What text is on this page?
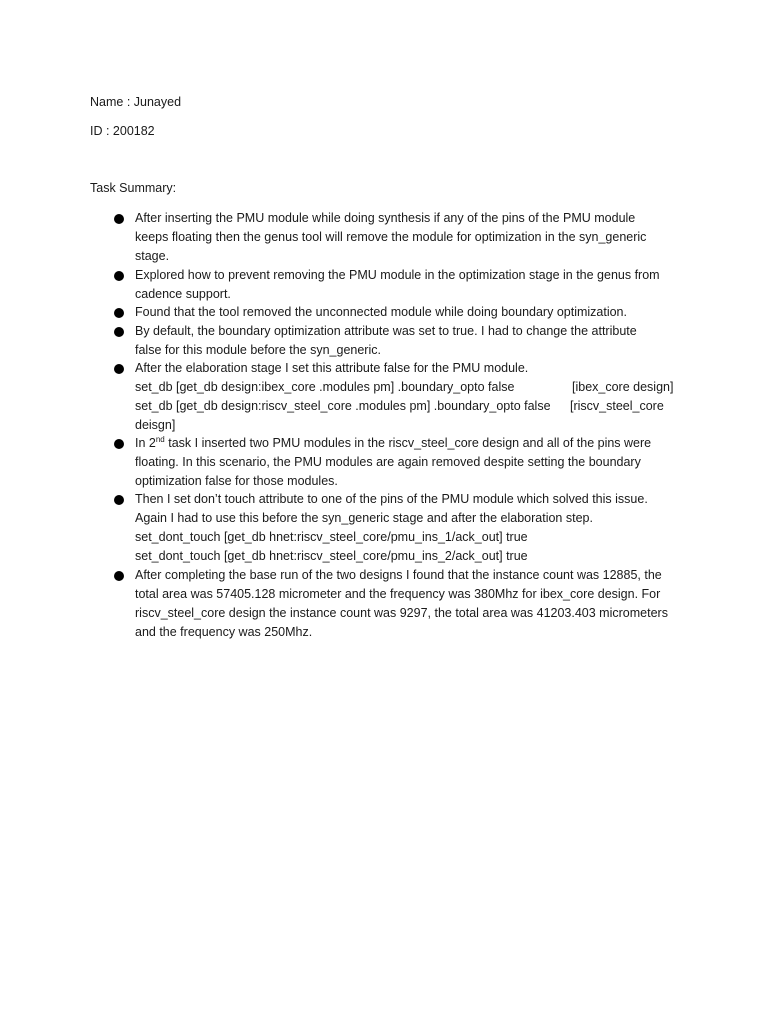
Name : Junayed
ID : 200182
Task Summary:
After inserting the PMU module while doing synthesis if any of the pins of the PMU module
keeps floating then the genus tool will remove the module for optimization in the syn_generic
stage.
Explored how to prevent removing the PMU module in the optimization stage in the genus from
cadence support.
Found that the tool removed the unconnected module while doing boundary optimization.
By default, the boundary optimization attribute was set to true. I had to change the attribute
false for this module before the syn_generic.
After the elaboration stage I set this attribute false for the PMU module.
set_db [get_db design:ibex_core .modules pm] .boundary_opto false	[ibex_core design]
set_db [get_db design:riscv_steel_core .modules pm] .boundary_opto false [riscv_steel_core
deisgn]
In 2nd task I inserted two PMU modules in the riscv_steel_core design and all of the pins were
floating. In this scenario, the PMU modules are again removed despite setting the boundary
optimization false for those modules.
Then I set don’t touch attribute to one of the pins of the PMU module which solved this issue.
Again I had to use this before the syn_generic stage and after the elaboration step.
set_dont_touch [get_db hnet:riscv_steel_core/pmu_ins_1/ack_out] true
set_dont_touch [get_db hnet:riscv_steel_core/pmu_ins_2/ack_out] true
After completing the base run of the two designs I found that the instance count was 12885, the
total area was 57405.128 micrometer and the frequency was 380Mhz for ibex_core design. For
riscv_steel_core design the instance count was 9297, the total area was 41203.403 micrometers
and the frequency was 250Mhz.
